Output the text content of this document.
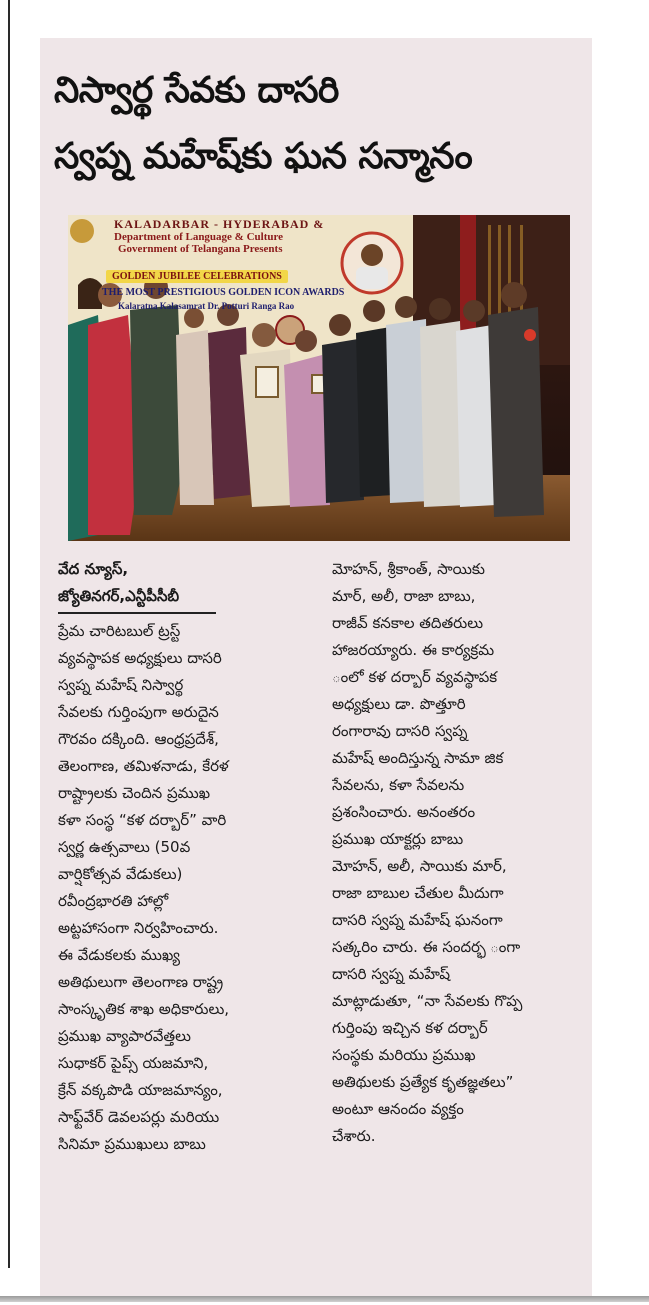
నిస్వార్థ సేవకు దాసరి
స్వప్న మహేష్‌కు ఘన సన్మానం
KALADARBAR - HYDERABAD &
Department of Language & Culture
Government of Telangana Presents
GOLDEN JUBILEE CELEBRATIONS
THE MOST PRESTIGIOUS GOLDEN ICON AWARDS
Kalaratna Kalasamrat Dr. Potturi Ranga Rao
వేద న్యూస్,
జ్యోతినగర్,ఎన్టీపీసీబీ
ప్రేమ చారిటబుల్ ట్రస్ట్
వ్యవస్థాపక అధ్యక్షులు దాసరి
స్వప్న మహేష్ నిస్వార్థ
సేవలకు గుర్తింపుగా అరుదైన
గౌరవం దక్కింది. ఆంధ్రప్రదేశ్,
తెలంగాణ, తమిళనాడు, కేరళ
రాష్ట్రాలకు చెందిన ప్రముఖ
కళా సంస్థ “కళ దర్బార్” వారి
స్వర్ణ ఉత్సవాలు (50వ
వార్షికోత్సవ వేడుకలు)
రవీంద్రభారతి హాల్లో
అట్టహాసంగా నిర్వహించారు.
ఈ వేడుకలకు ముఖ్య
అతిథులుగా తెలంగాణ రాష్ట్ర
సాంస్కృతిక శాఖ అధికారులు,
ప్రముఖ వ్యాపారవేత్తలు
సుధాకర్ పైప్స్ యజమాని,
క్రేన్ వక్కపొడి యాజమాన్యం,
సాఫ్ట్‌వేర్ డెవలపర్లు మరియు
సినిమా ప్రముఖులు బాబు
మోహన్, శ్రీకాంత్, సాయికు
మార్, అలీ, రాజా బాబు,
రాజీవ్ కనకాల తదితరులు
హాజరయ్యారు. ఈ కార్యక్రమ
ంలో కళ దర్బార్ వ్యవస్థాపక
అధ్యక్షులు డా. పొత్తూరి
రంగారావు దాసరి స్వప్న
మహేష్ అందిస్తున్న సామా జిక
సేవలను, కళా సేవలను
ప్రశంసించారు. అనంతరం
ప్రముఖ యాక్టర్లు బాబు
మోహన్, అలీ, సాయికు మార్,
రాజా బాబుల చేతుల మీదుగా
దాసరి స్వప్న మహేష్ ఘనంగా
సత్కరిం చారు. ఈ సందర్భ ంగా
దాసరి స్వప్న మహేష్
మాట్లాడుతూ, “నా సేవలకు గొప్ప
గుర్తింపు ఇచ్చిన కళ దర్బార్
సంస్థకు మరియు ప్రముఖ
అతిథులకు ప్రత్యేక కృతజ్ఞతలు”
అంటూ ఆనందం వ్యక్తం
చేశారు.
